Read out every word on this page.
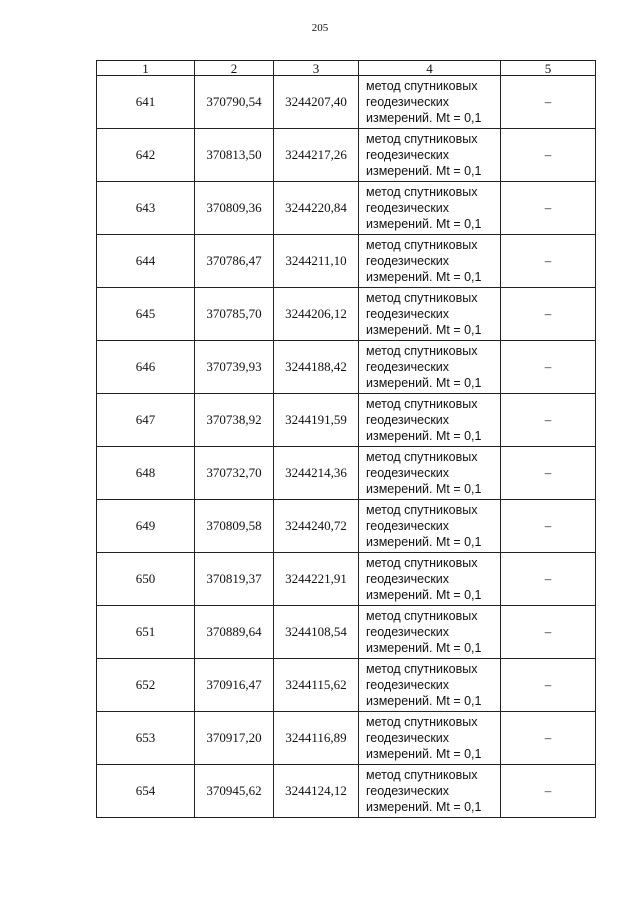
205
1	2	3	4	5
641	370790,54	3244207,40	метод спутниковых
геодезических
измерений. Mt = 0,1	–
642	370813,50	3244217,26	метод спутниковых
геодезических
измерений. Mt = 0,1	–
643	370809,36	3244220,84	метод спутниковых
геодезических
измерений. Mt = 0,1	–
644	370786,47	3244211,10	метод спутниковых
геодезических
измерений. Mt = 0,1	–
645	370785,70	3244206,12	метод спутниковых
геодезических
измерений. Mt = 0,1	–
646	370739,93	3244188,42	метод спутниковых
геодезических
измерений. Mt = 0,1	–
647	370738,92	3244191,59	метод спутниковых
геодезических
измерений. Mt = 0,1	–
648	370732,70	3244214,36	метод спутниковых
геодезических
измерений. Mt = 0,1	–
649	370809,58	3244240,72	метод спутниковых
геодезических
измерений. Mt = 0,1	–
650	370819,37	3244221,91	метод спутниковых
геодезических
измерений. Mt = 0,1	–
651	370889,64	3244108,54	метод спутниковых
геодезических
измерений. Mt = 0,1	–
652	370916,47	3244115,62	метод спутниковых
геодезических
измерений. Mt = 0,1	–
653	370917,20	3244116,89	метод спутниковых
геодезических
измерений. Mt = 0,1	–
654	370945,62	3244124,12	метод спутниковых
геодезических
измерений. Mt = 0,1	–
